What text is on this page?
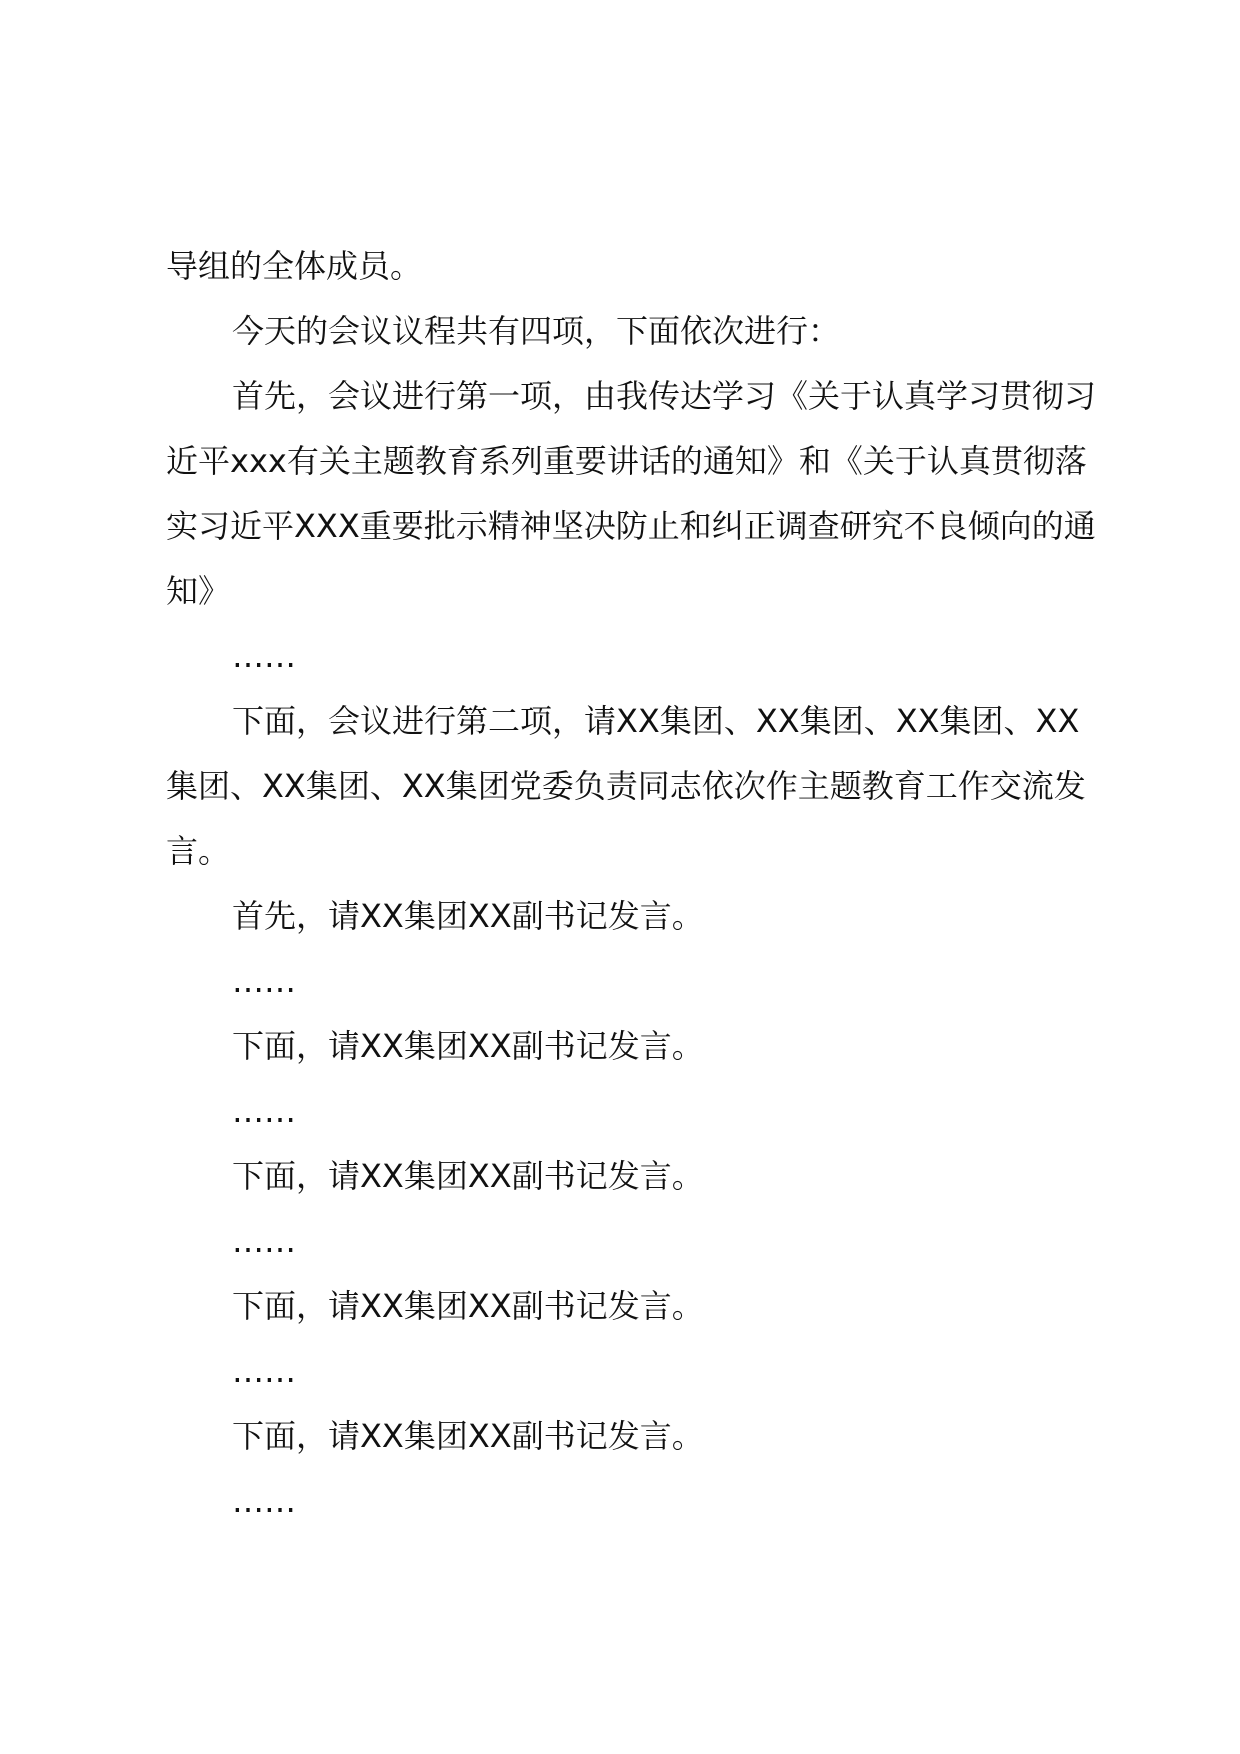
导组的全体成员。

今天的会议议程共有四项，下面依次进行：

首先，会议进行第一项，由我传达学习《关于认真学习贯彻习近平xxx有关主题教育系列重要讲话的通知》和《关于认真贯彻落实习近平XXX重要批示精神坚决防止和纠正调查研究不良倾向的通知》

……

下面，会议进行第二项，请XX集团、XX集团、XX集团、XX集团、XX集团、XX集团党委负责同志依次作主题教育工作交流发言。

首先，请XX集团XX副书记发言。

……

下面，请XX集团XX副书记发言。

……

下面，请XX集团XX副书记发言。

……

下面，请XX集团XX副书记发言。

……

下面，请XX集团XX副书记发言。

……
